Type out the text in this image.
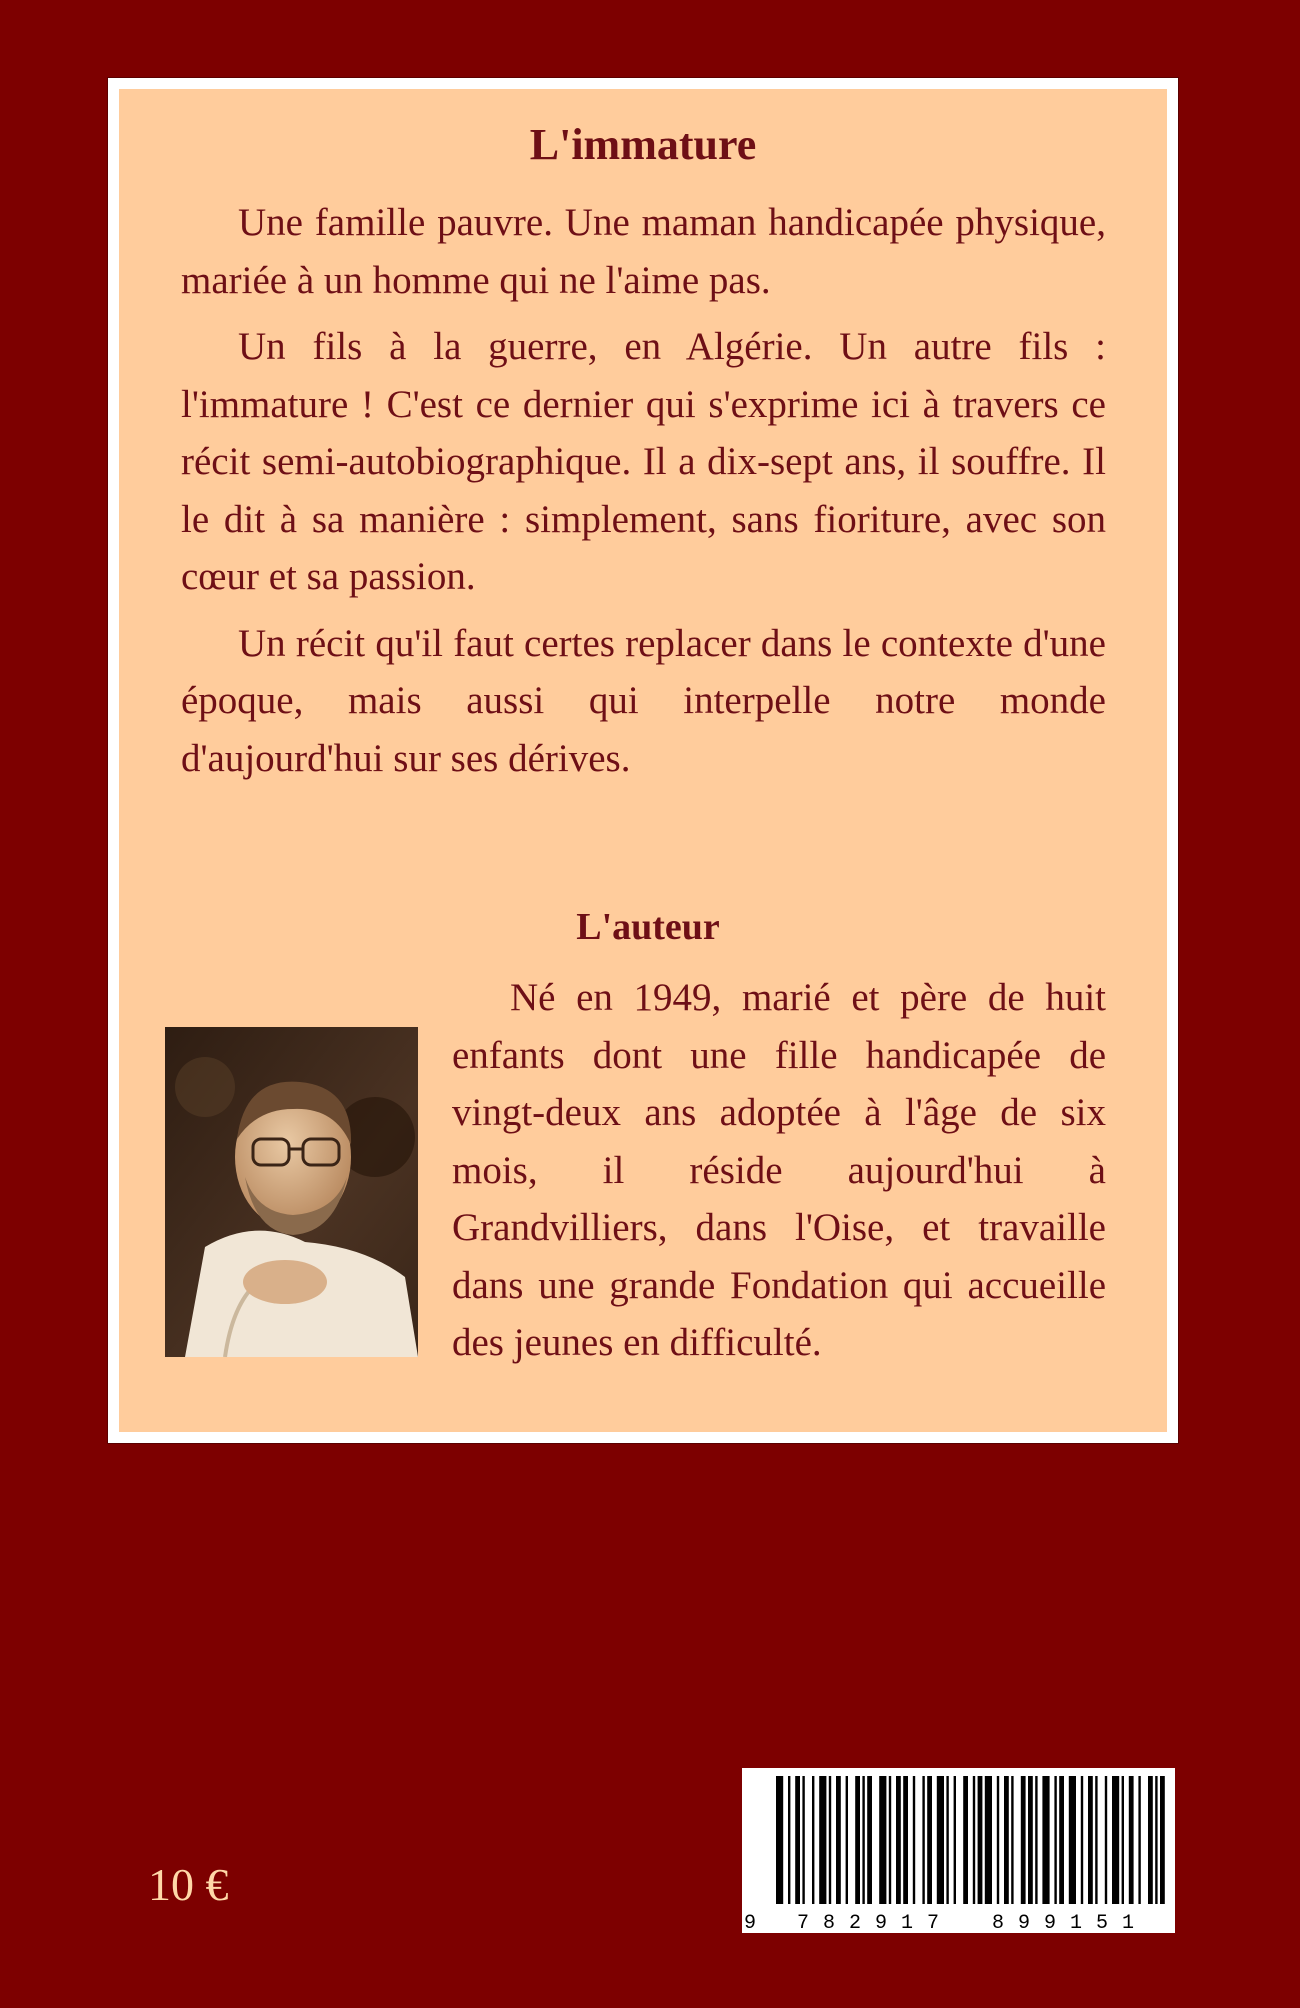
L'immature

Une famille pauvre. Une maman handicapée physique, mariée à un homme qui ne l'aime pas.

Un fils à la guerre, en Algérie. Un autre fils : l'immature ! C'est ce dernier qui s'exprime ici à travers ce récit semi-autobiographique. Il a dix-sept ans, il souffre. Il le dit à sa manière : simplement, sans fioriture, avec son cœur et sa passion.

Un récit qu'il faut certes replacer dans le contexte d'une époque, mais aussi qui interpelle notre monde d'aujourd'hui sur ses dérives.

L'auteur

Né en 1949, marié et père de huit enfants dont une fille handicapée de vingt-deux ans adoptée à l'âge de six mois, il réside aujourd'hui à Grandvilliers, dans l'Oise, et travaille dans une grande Fondation qui accueille des jeunes en difficulté.

10 €
9 782917 899151
